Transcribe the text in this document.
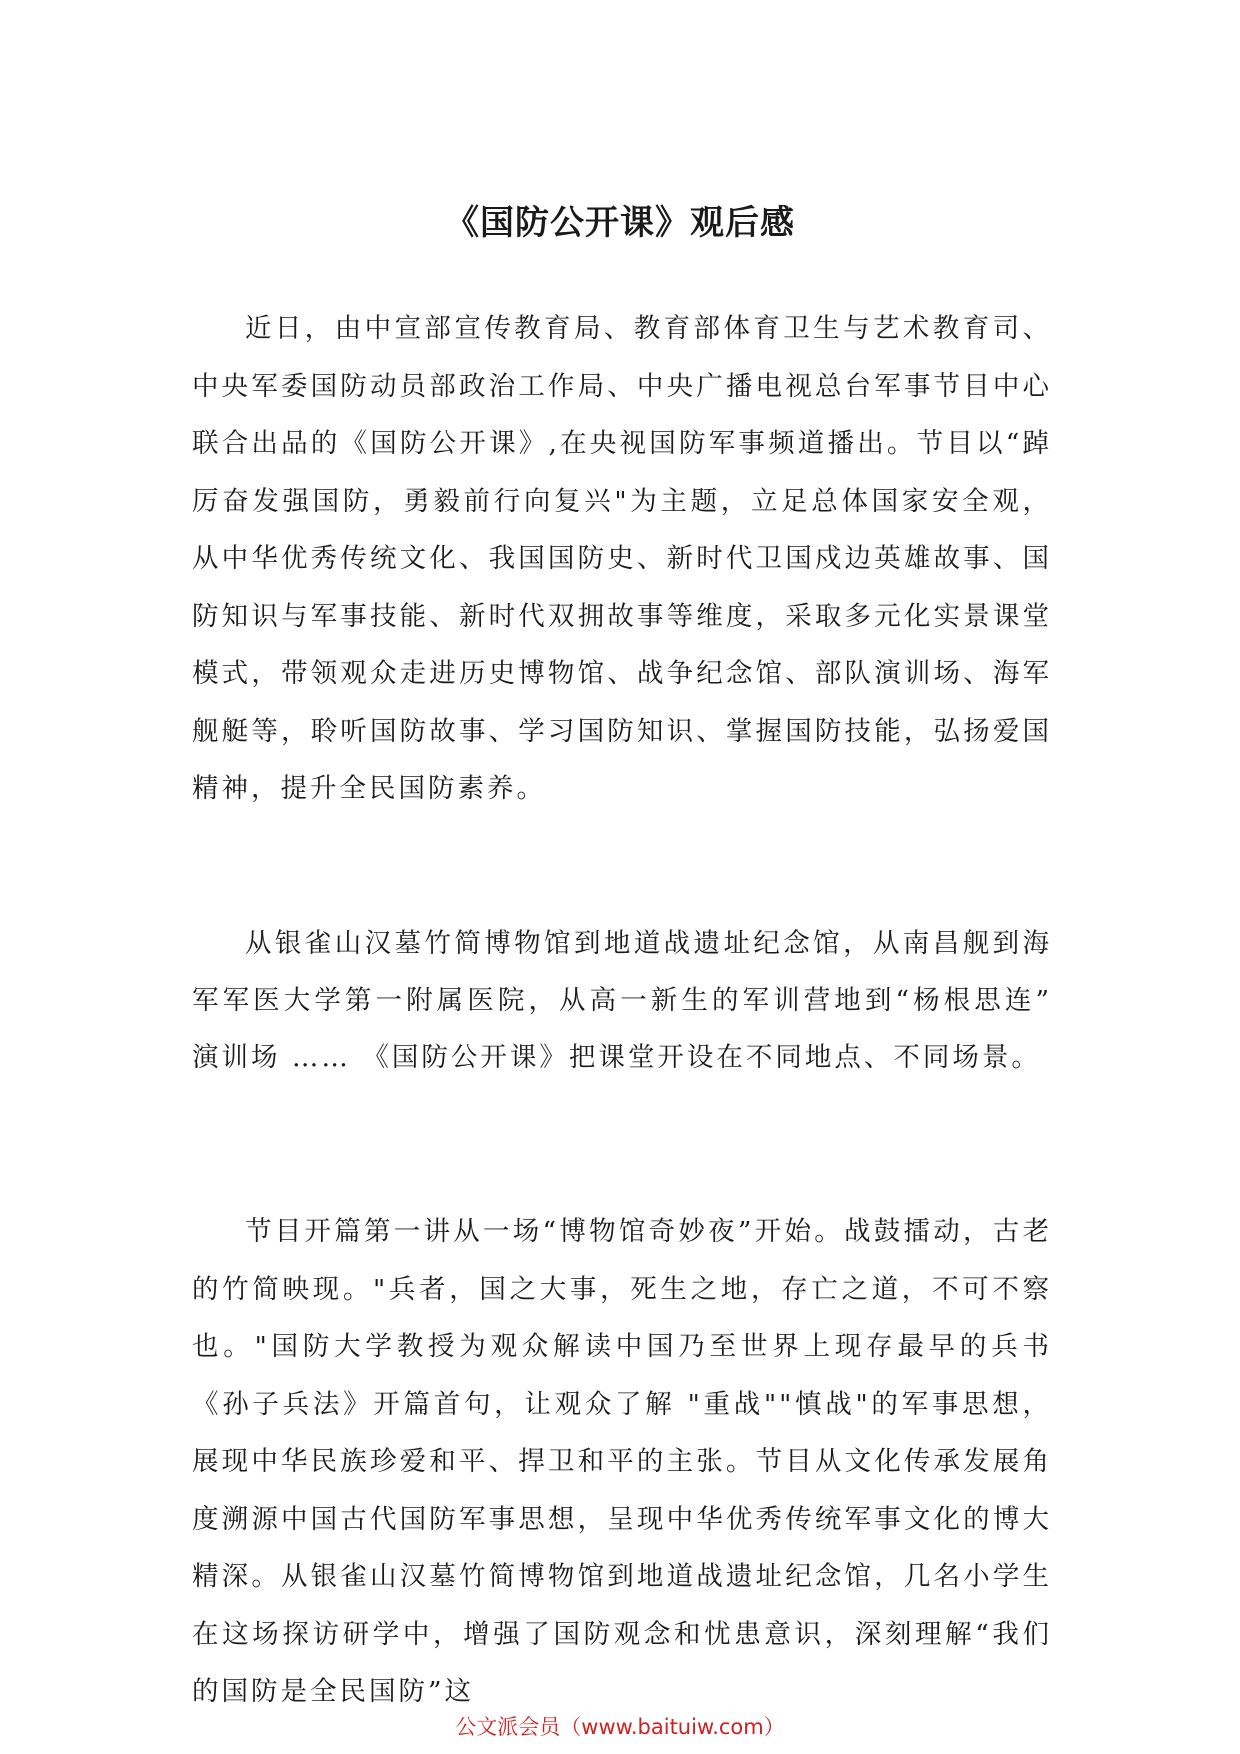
《国防公开课》观后感

近日，由中宣部宣传教育局、教育部体育卫生与艺术教育司、中央军委国防动员部政治工作局、中央广播电视总台军事节目中心联合出品的《国防公开课》,在央视国防军事频道播出。节目以“踔厉奋发强国防，勇毅前行向复兴"为主题，立足总体国家安全观，从中华优秀传统文化、我国国防史、新时代卫国戍边英雄故事、国防知识与军事技能、新时代双拥故事等维度，采取多元化实景课堂模式，带领观众走进历史博物馆、战争纪念馆、部队演训场、海军舰艇等，聆听国防故事、学习国防知识、掌握国防技能，弘扬爱国精神，提升全民国防素养。

从银雀山汉墓竹简博物馆到地道战遗址纪念馆，从南昌舰到海军军医大学第一附属医院，从高一新生的军训营地到“杨根思连” 演训场 …… 《国防公开课》把课堂开设在不同地点、不同场景。

节目开篇第一讲从一场“博物馆奇妙夜”开始。战鼓擂动，古老的竹简映现。"兵者，国之大事，死生之地，存亡之道，不可不察也。"国防大学教授为观众解读中国乃至世界上现存最早的兵书《孙子兵法》开篇首句，让观众了解 "重战""慎战"的军事思想，展现中华民族珍爱和平、捍卫和平的主张。节目从文化传承发展角度溯源中国古代国防军事思想，呈现中华优秀传统军事文化的博大精深。从银雀山汉墓竹简博物馆到地道战遗址纪念馆，几名小学生在这场探访研学中，增强了国防观念和忧患意识，深刻理解“我们的国防是全民国防”这

公文派会员（www.baituiw.com）
